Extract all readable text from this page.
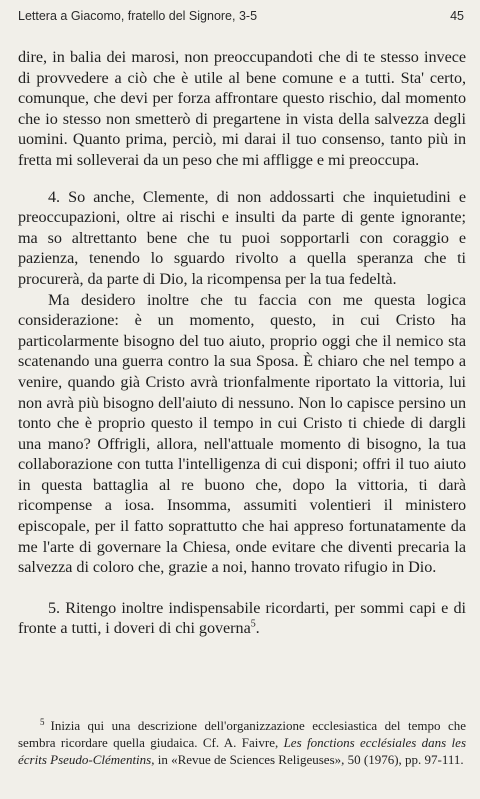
Lettera a Giacomo, fratello del Signore, 3-5	45

dire, in balia dei marosi, non preoccupandoti che di te stesso invece di provvedere a ciò che è utile al bene comune e a tutti. Sta' certo, comunque, che devi per forza affrontare questo rischio, dal momento che io stesso non smetterò di pregartene in vista della salvezza degli uomini. Quanto prima, perciò, mi darai il tuo consenso, tanto più in fretta mi solleverai da un peso che mi affligge e mi preoccupa.

4. So anche, Clemente, di non addossarti che inquietudini e preoccupazioni, oltre ai rischi e insulti da parte di gente ignorante; ma so altrettanto bene che tu puoi sopportarli con coraggio e pazienza, tenendo lo sguardo rivolto a quella speranza che ti procurerà, da parte di Dio, la ricompensa per la tua fedeltà.

Ma desidero inoltre che tu faccia con me questa logica considerazione: è un momento, questo, in cui Cristo ha particolarmente bisogno del tuo aiuto, proprio oggi che il nemico sta scatenando una guerra contro la sua Sposa. È chiaro che nel tempo a venire, quando già Cristo avrà trionfalmente riportato la vittoria, lui non avrà più bisogno dell'aiuto di nessuno. Non lo capisce persino un tonto che è proprio questo il tempo in cui Cristo ti chiede di dargli una mano? Offrigli, allora, nell'attuale momento di bisogno, la tua collaborazione con tutta l'intelligenza di cui disponi; offri il tuo aiuto in questa battaglia al re buono che, dopo la vittoria, ti darà ricompense a iosa. Insomma, assumiti volentieri il ministero episcopale, per il fatto soprattutto che hai appreso fortunatamente da me l'arte di governare la Chiesa, onde evitare che diventi precaria la salvezza di coloro che, grazie a noi, hanno trovato rifugio in Dio.

5. Ritengo inoltre indispensabile ricordarti, per sommi capi e di fronte a tutti, i doveri di chi governa$^5$.

$^5$ Inizia qui una descrizione dell'organizzazione ecclesiastica del tempo che sembra ricordare quella giudaica. Cf. A. Faivre, Les fonctions ecclésiales dans les écrits Pseudo-Clémentins, in «Revue de Sciences Religeuses», 50 (1976), pp. 97-111.
